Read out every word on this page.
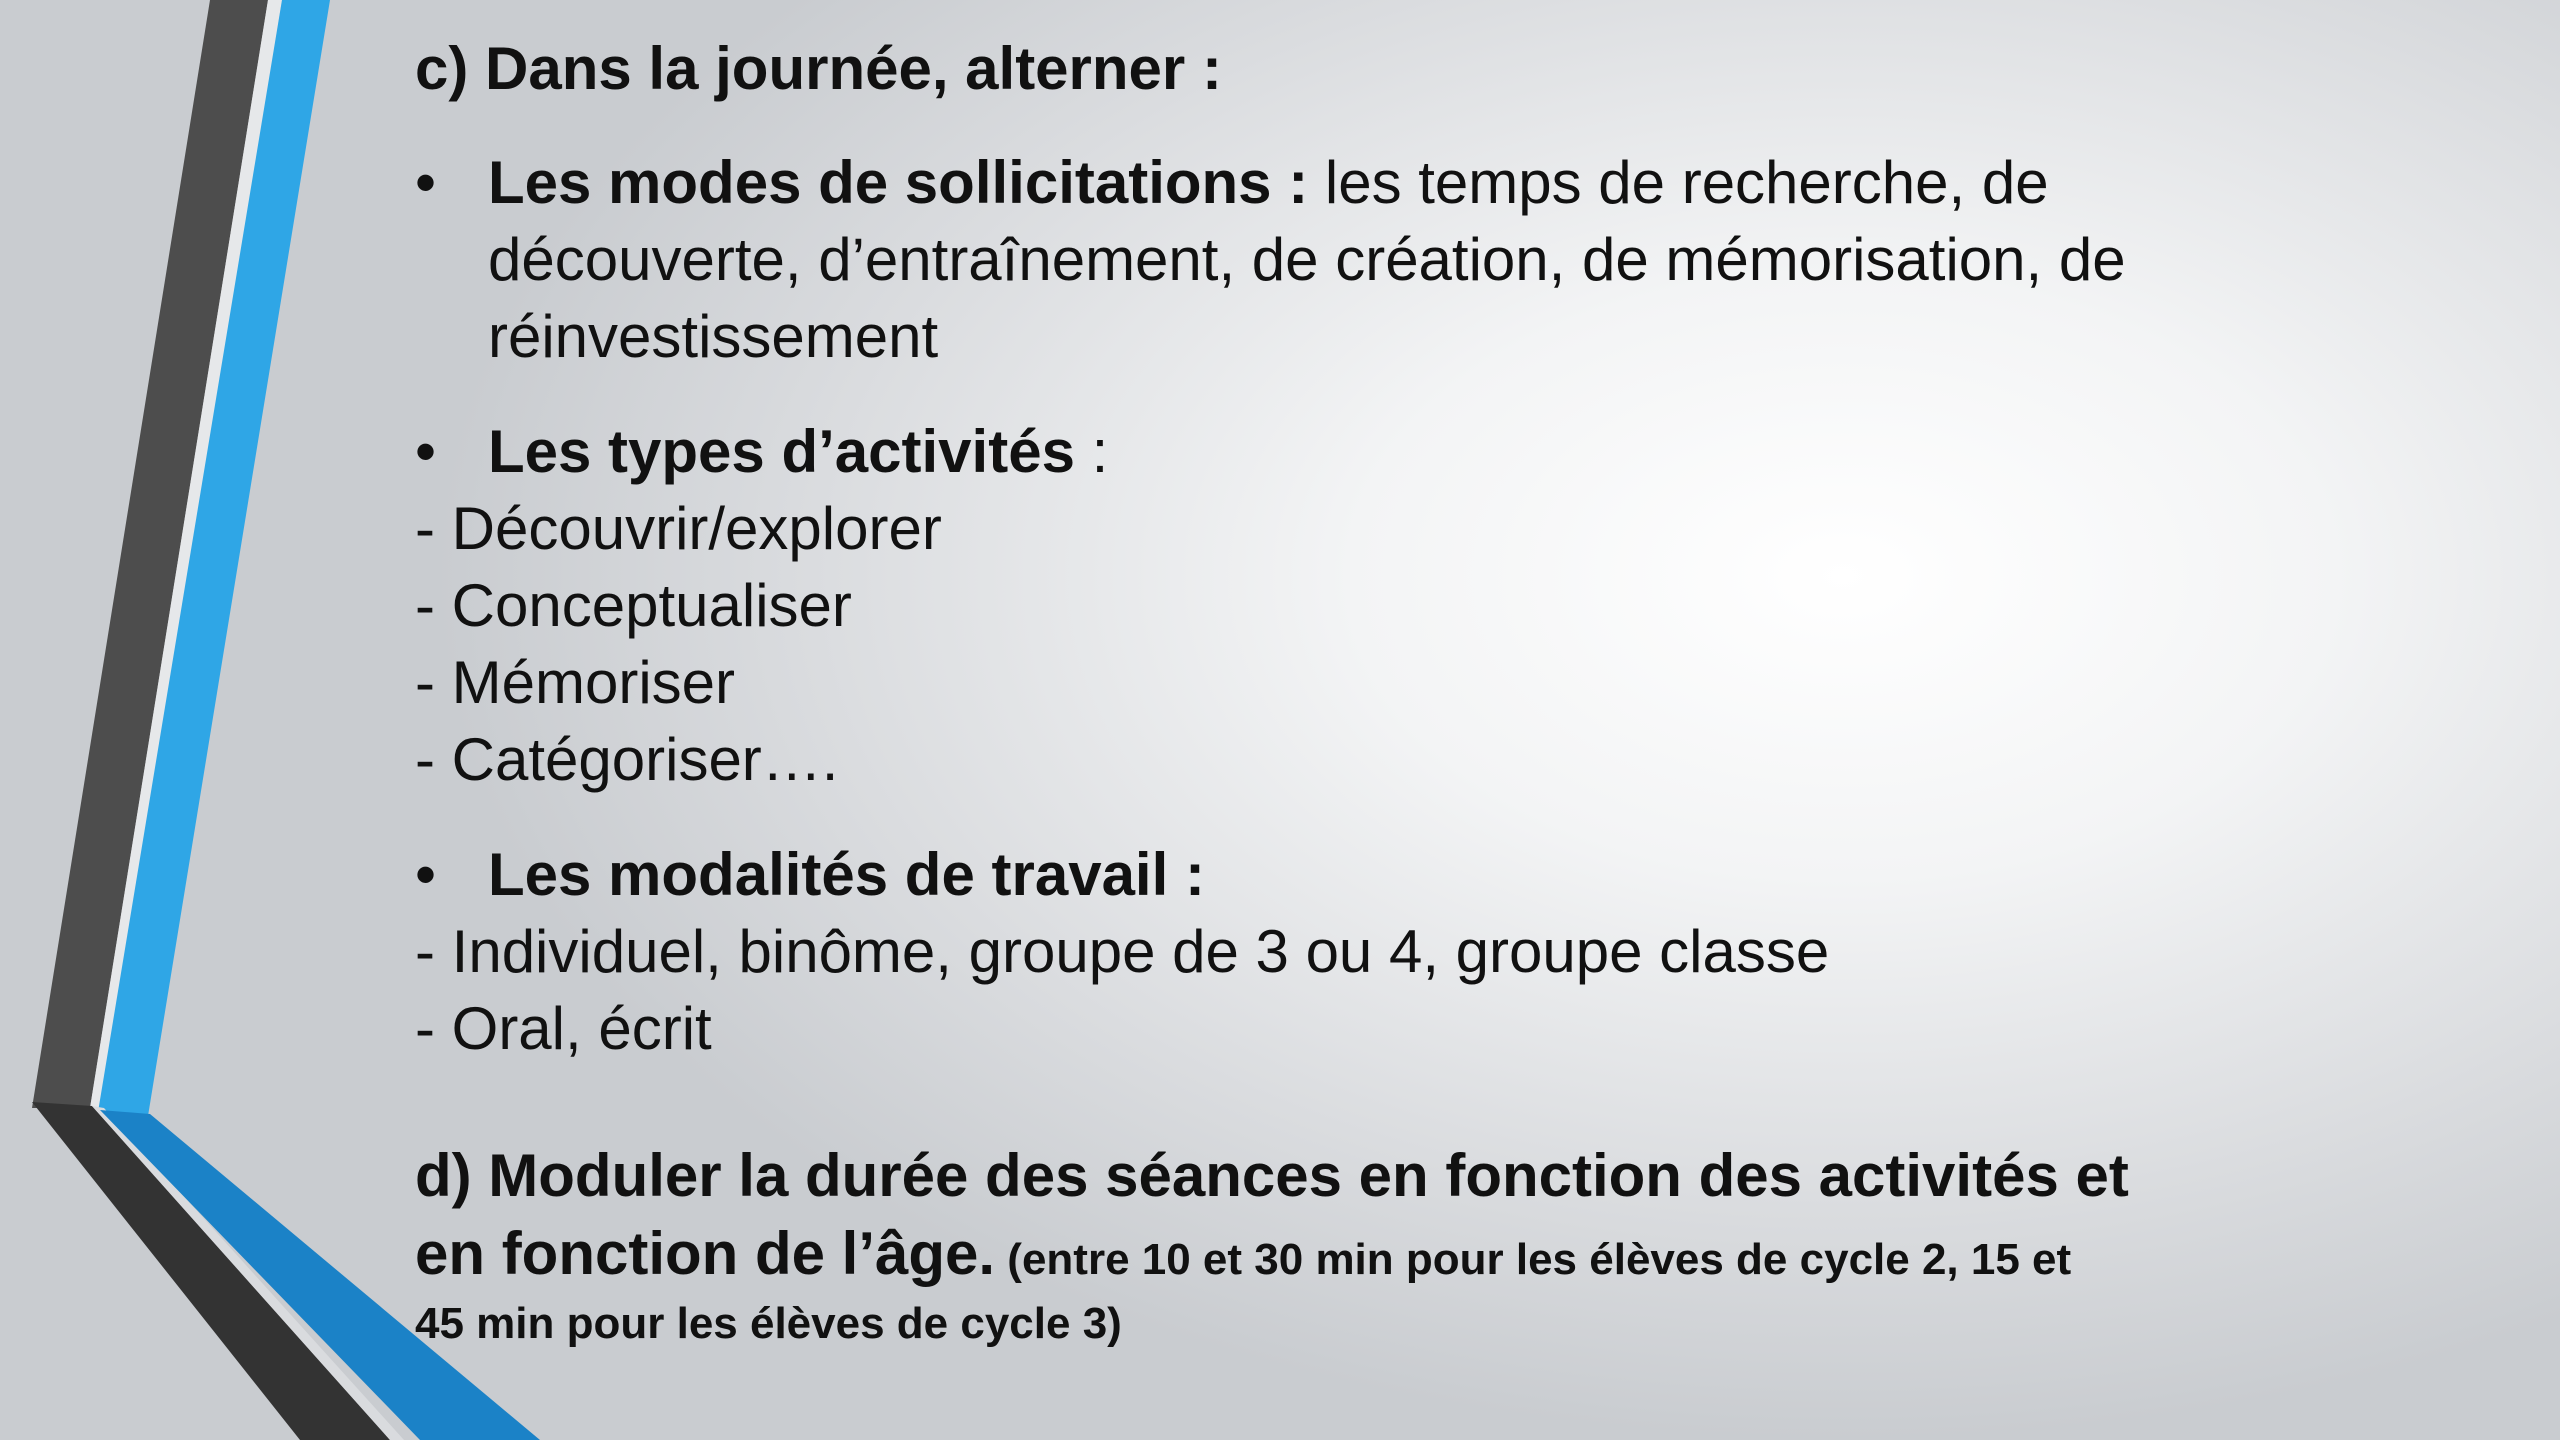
c) Dans la journée, alterner :

• Les modes de sollicitations : les temps de recherche, de
découverte, d’entraînement, de création, de mémorisation, de
réinvestissement
• Les types d’activités :
- Découvrir/explorer
- Conceptualiser
- Mémoriser
- Catégoriser….
• Les modalités de travail :
- Individuel, binôme, groupe de 3 ou 4, groupe classe
- Oral, écrit
d) Moduler la durée des séances en fonction des activités et
en fonction de l’âge. (entre 10 et 30 min pour les élèves de cycle 2, 15 et
45 min pour les élèves de cycle 3)
